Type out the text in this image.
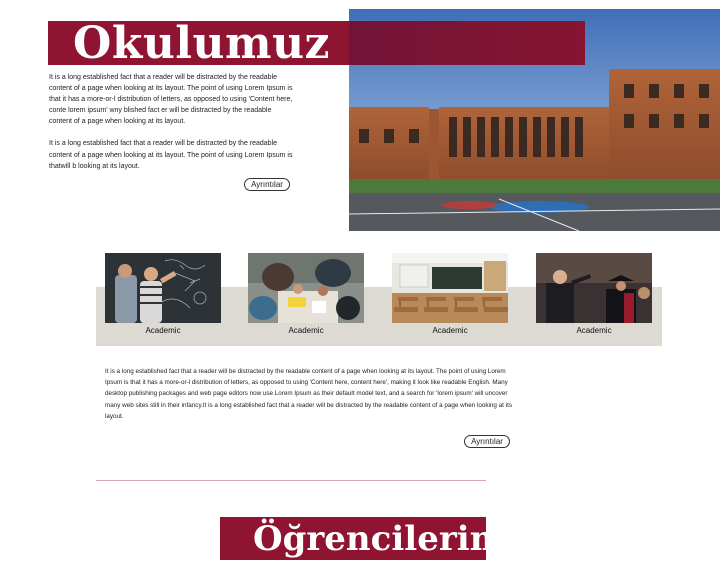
Okulumuz

It is a long established fact that a reader will be distracted by the readable content of a page when looking at its layout. The point of using Lorem Ipsum is that it has a more-or-l distribution of letters, as opposed to using 'Content here, conte lorem ipsum' wny blished fact er will be distracted by the readable content of a page when looking at its layout.

It is a long established fact that a reader will be distracted by the readable content of a page when looking at its layout. The point of using Lorem Ipsum is thatwill b looking at its layout.

Ayrıntılar
Academic	Academic	Academic	Academic
It is a long established fact that a reader will be distracted by the readable content of a page when looking at its layout. The point of using Lorem Ipsum is that it has a more-or-l distribution of letters, as opposed to using 'Content here, content here', making it look like readable English. Many desktop publishing packages and web page editors now use Lorem Ipsum as their default model text, and a search for 'lorem ipsum' will uncover many web sites still in their infancy.It is a long established fact that a reader will be distracted by the readable content of a page when looking at its layout.
Ayrıntılar
Öğrencilerimiz
